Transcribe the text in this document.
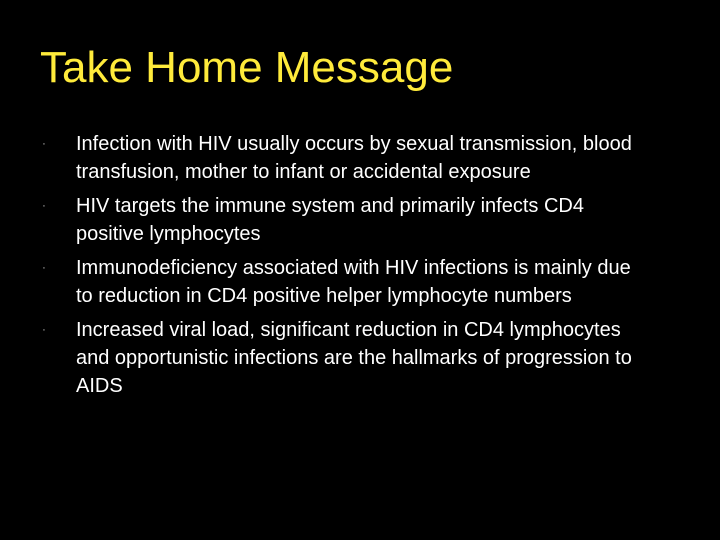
Take Home Message
· Infection with HIV usually occurs by sexual transmission, blood transfusion, mother to infant or accidental exposure
· HIV targets the immune system and primarily infects CD4 positive lymphocytes
· Immunodeficiency associated with HIV infections is mainly due to reduction in CD4 positive helper lymphocyte numbers
· Increased viral load, significant reduction in CD4 lymphocytes and opportunistic infections are the hallmarks of progression to AIDS
